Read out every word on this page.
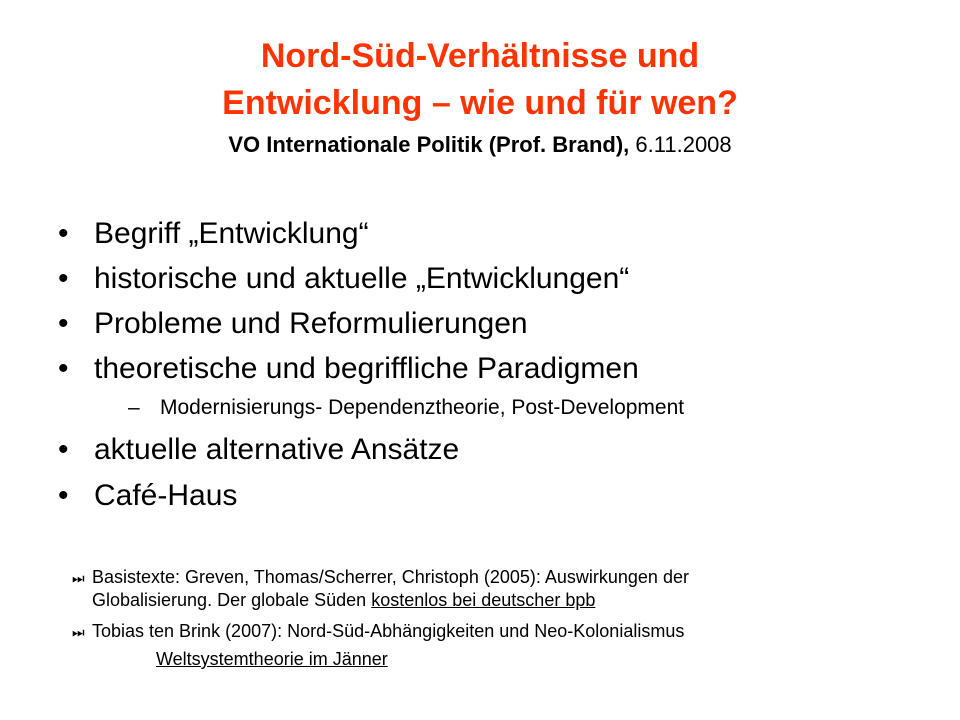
Nord-Süd-Verhältnisse und
Entwicklung – wie und für wen?
VO Internationale Politik (Prof. Brand), 6.11.2008
• Begriff „Entwicklung“
• historische und aktuelle „Entwicklungen“
• Probleme und Reformulierungen
• theoretische und begriffliche Paradigmen
– Modernisierungs- Dependenztheorie, Post-Development
• aktuelle alternative Ansätze
• Café-Haus
⏭ Basistexte: Greven, Thomas/Scherrer, Christoph (2005): Auswirkungen der
Globalisierung. Der globale Süden kostenlos bei deutscher bpb
⏭ Tobias ten Brink (2007): Nord-Süd-Abhängigkeiten und Neo-Kolonialismus
Weltsystemtheorie im Jänner
